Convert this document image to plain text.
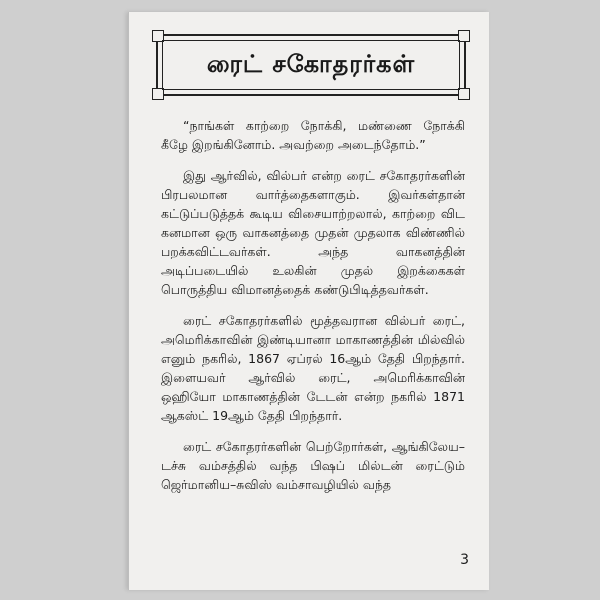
ரைட் சகோதரர்கள்

“நாங்கள் காற்றை நோக்கி, மண்ணை நோக்கி கீழே இறங்கினோம். அவற்றை அடைந்தோம்.”

இது ஆர்வில், வில்பர் என்ற ரைட் சகோதரர்களின் பிரபலமான வார்த்தைகளாகும். இவர்கள்தான் கட்டுப்படுத்தக் கூடிய விசையாற்றலால், காற்றை விட கனமான ஒரு வாகனத்தை முதன் முதலாக விண்ணில் பறக்கவிட்டவர்கள். அந்த வாகனத்தின் அடிப்படையில் உலகின் முதல் இறக்கைகள் பொருத்திய விமானத்தைக் கண்டுபிடித்தவர்கள்.

ரைட் சகோதரர்களில் மூத்தவரான வில்பர் ரைட், அமெரிக்காவின் இண்டியானா மாகாணத்தின் மில்வில் எனும் நகரில், 1867 ஏப்ரல் 16ஆம் தேதி பிறந்தார். இளையவர் ஆர்வில் ரைட், அமெரிக்காவின் ஒஹியோ மாகாணத்தின் டேடன் என்ற நகரில் 1871 ஆகஸ்ட் 19ஆம் தேதி பிறந்தார்.

ரைட் சகோதரர்களின் பெற்றோர்கள், ஆங்கிலேய–டச்சு வம்சத்தில் வந்த பிஷப் மில்டன் ரைட்டும் ஜெர்மானிய–சுவிஸ் வம்சாவழியில் வந்த

3
